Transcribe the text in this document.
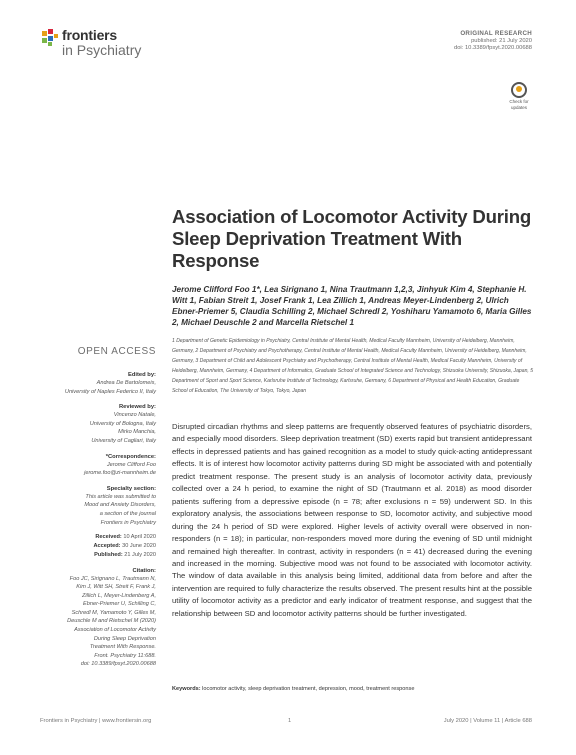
frontiers
in Psychiatry
ORIGINAL RESEARCH
published: 21 July 2020
doi: 10.3389/fpsyt.2020.00688
Check for
updates
OPEN ACCESS
Edited by:
Andrea De Bartolomeis,
University of Naples Federico II, Italy
Reviewed by:
Vincenzo Natale,
University of Bologna, Italy
Mirko Manchia,
University of Cagliari, Italy
*Correspondence:
Jerome Clifford Foo
jerome.foo@zi-mannheim.de
Specialty section:
This article was submitted to
Mood and Anxiety Disorders,
a section of the journal
Frontiers in Psychiatry
Received: 10 April 2020
Accepted: 30 June 2020
Published: 21 July 2020
Citation:
Foo JC, Sirignano L, Trautmann N,
Kim J, Witt SH, Streit F, Frank J,
Zillich L, Meyer-Lindenberg A,
Ebner-Priemer U, Schilling C,
Schredl M, Yamamoto Y, Gilles M,
Deuschle M and Rietschel M (2020)
Association of Locomotor Activity
During Sleep Deprivation
Treatment With Response.
Front. Psychiatry 11:688.
doi: 10.3389/fpsyt.2020.00688
Association of Locomotor Activity During Sleep Deprivation Treatment With Response
Jerome Clifford Foo 1*, Lea Sirignano 1, Nina Trautmann 1,2,3, Jinhyuk Kim 4, Stephanie H. Witt 1, Fabian Streit 1, Josef Frank 1, Lea Zillich 1, Andreas Meyer-Lindenberg 2, Ulrich Ebner-Priemer 5, Claudia Schilling 2, Michael Schredl 2, Yoshiharu Yamamoto 6, Maria Gilles 2, Michael Deuschle 2 and Marcella Rietschel 1
1 Department of Genetic Epidemiology in Psychiatry, Central Institute of Mental Health, Medical Faculty Mannheim, University of Heidelberg, Mannheim, Germany, 2 Department of Psychiatry and Psychotherapy, Central Institute of Mental Health, Medical Faculty Mannheim, University of Heidelberg, Mannheim, Germany, 3 Department of Child and Adolescent Psychiatry and Psychotherapy, Central Institute of Mental Health, Medical Faculty Mannheim, University of Heidelberg, Mannheim, Germany, 4 Department of Informatics, Graduate School of Integrated Science and Technology, Shizuoka University, Shizuoka, Japan, 5 Department of Sport and Sport Science, Karlsruhe Institute of Technology, Karlsruhe, Germany, 6 Department of Physical and Health Education, Graduate School of Education, The University of Tokyo, Tokyo, Japan
Disrupted circadian rhythms and sleep patterns are frequently observed features of psychiatric disorders, and especially mood disorders. Sleep deprivation treatment (SD) exerts rapid but transient antidepressant effects in depressed patients and has gained recognition as a model to study quick-acting antidepressant effects. It is of interest how locomotor activity patterns during SD might be associated with and potentially predict treatment response. The present study is an analysis of locomotor activity data, previously collected over a 24 h period, to examine the night of SD (Trautmann et al. 2018) as mood disorder patients suffering from a depressive episode (n = 78; after exclusions n = 59) underwent SD. In this exploratory analysis, the associations between response to SD, locomotor activity, and subjective mood during the 24 h period of SD were explored. Higher levels of activity overall were observed in non-responders (n = 18); in particular, non-responders moved more during the evening of SD until midnight and remained high thereafter. In contrast, activity in responders (n = 41) decreased during the evening and increased in the morning. Subjective mood was not found to be associated with locomotor activity. The window of data available in this analysis being limited, additional data from before and after the intervention are required to fully characterize the results observed. The present results hint at the possible utility of locomotor activity as a predictor and early indicator of treatment response, and suggest that the relationship between SD and locomotor activity patterns should be further investigated.
Keywords: locomotor activity, sleep deprivation treatment, depression, mood, treatment response
Frontiers in Psychiatry | www.frontiersin.org	1	July 2020 | Volume 11 | Article 688
